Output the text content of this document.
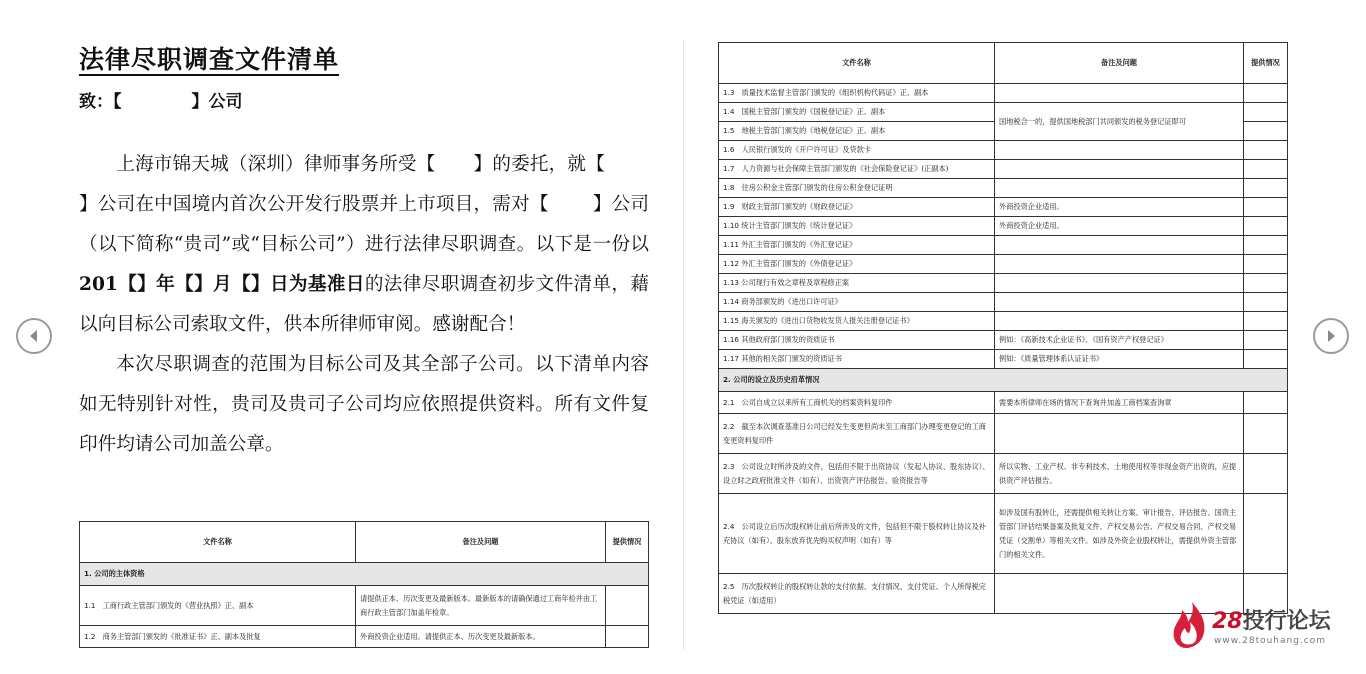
法律尽职调查文件清单
致：【	】公司

上海市锦天城（深圳）律师事务所受【 】的委托，就【】公司在中国境内首次公开发行股票并上市项目，需对【 】公司（以下简称“贵司”或“目标公司”）进行法律尽职调查。以下是一份以201【】年【】月【】日为基准日的法律尽职调查初步文件清单，藉以向目标公司索取文件，供本所律师审阅。感谢配合！

本次尽职调查的范围为目标公司及其全部子公司。以下清单内容如无特别针对性，贵司及贵司子公司均应依照提供资料。所有文件复印件均请公司加盖公章。

文件名称	备注及问题	提供情况
1. 公司的主体资格		
1.1　工商行政主管部门颁发的《营业执照》正、副本	请提供正本、历次变更及最新版本。最新版本的请确保通过工商年检并由工商行政主管部门加盖年检章。	
1.2　商务主管部门颁发的《批准证书》正、副本及批复	外商投资企业适用。请提供正本、历次变更及最新版本。	
文件名称	备注及问题	提供情况
1.3　质量技术监督主管部门颁发的《组织机构代码证》正、副本		
1.4　国税主管部门颁发的《国税登记证》正、副本	国地税合一的，提供国地税部门共同颁发的税务登记证即可	
1.5　地税主管部门颁发的《地税登记证》正、副本		
1.6　人民银行颁发的《开户许可证》及贷款卡		
1.7　人力资源与社会保障主管部门颁发的《社会保险登记证》(正副本)		
1.8　住房公积金主管部门颁发的住房公积金登记证明		
1.9　财政主管部门颁发的《财政登记证》	外商投资企业适用。	
1.10 统计主管部门颁发的《统计登记证》	外商投资企业适用。	
1.11 外汇主管部门颁发的《外汇登记证》		
1.12 外汇主管部门颁发的《外债登记证》		
1.13 公司现行有效之章程及章程修正案		
1.14 商务部颁发的《进出口许可证》		
1.15 海关颁发的《进出口货物收发货人报关注册登记证书》		
1.16 其他政府部门颁发的资质证书	例如：《高新技术企业证书》、《国有资产产权登记证》	
1.17 其他的相关部门颁发的资质证书	例如：《质量管理体系认证证书》	
2. 公司的设立及历史沿革情况		
2.1　公司自成立以来所有工商机关的档案资料复印件	需要本所律师在场的情况下查询并加盖工商档案查询章	
2.2　截至本次调查基准日公司已经发生变更但尚未至工商部门办理变更登记的工商变更资料复印件		
2.3　公司设立时所涉及的文件，包括但不限于出资协议（发起人协议、股东协议）、设立时之政府批准文件（如有）、出资资产评估报告、验资报告等	所以实物、工业产权、非专利技术、土地使用权等非现金资产出资的，应提供资产评估报告。	
2.4　公司设立后历次股权转让前后所涉及的文件，包括但不限于股权转让协议及补充协议（如有）、股东放弃优先购买权声明（如有）等	如涉及国有股转让，还需提供相关转让方案、审计报告、评估报告、国资主管部门评估结果备案及批复文件、产权交易公告、产权交易合同、产权交易凭证（交割单）等相关文件。如涉及外资企业股权转让，需提供外资主管部门的相关文件。	
2.5　历次股权转让的股权转让款的支付依据、支付情况、支付凭证、个人所得税完税凭证（如适用）		
28投行论坛
www.28touhang.com
